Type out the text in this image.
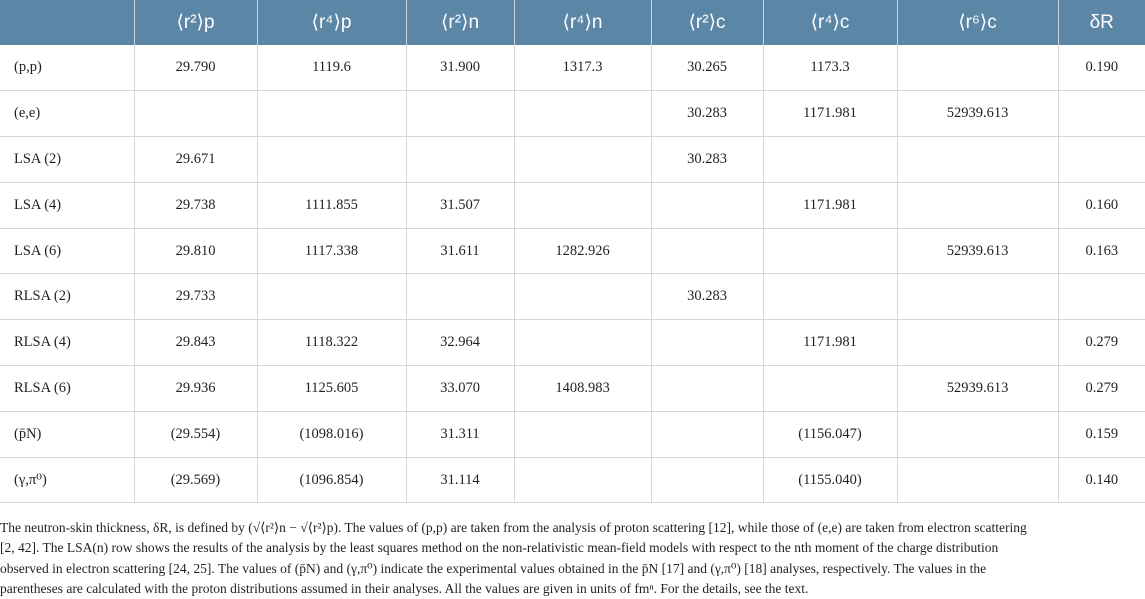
	⟨r²⟩p	⟨r⁴⟩p	⟨r²⟩n	⟨r⁴⟩n	⟨r²⟩c	⟨r⁴⟩c	⟨r⁶⟩c	δR
(p,p)	29.790	1119.6	31.900	1317.3	30.265	1173.3		0.190
(e,e)					30.283	1171.981	52939.613	
LSA (2)	29.671				30.283			
LSA (4)	29.738	1111.855	31.507			1171.981		0.160
LSA (6)	29.810	1117.338	31.611	1282.926			52939.613	0.163
RLSA (2)	29.733				30.283			
RLSA (4)	29.843	1118.322	32.964			1171.981		0.279
RLSA (6)	29.936	1125.605	33.070	1408.983			52939.613	0.279
(p̄N)	(29.554)	(1098.016)	31.311			(1156.047)		0.159
(γ,π⁰)	(29.569)	(1096.854)	31.114			(1155.040)		0.140
The neutron-skin thickness, δR, is defined by (√⟨r²⟩n − √⟨r²⟩p). The values of (p,p) are taken from the analysis of proton scattering [12], while those of (e,e) are taken from electron scattering
[2, 42]. The LSA(n) row shows the results of the analysis by the least squares method on the non-relativistic mean-field models with respect to the nth moment of the charge distribution
observed in electron scattering [24, 25]. The values of (p̄N) and (γ,π⁰) indicate the experimental values obtained in the p̄N [17] and (γ,π⁰) [18] analyses, respectively. The values in the
parentheses are calculated with the proton distributions assumed in their analyses. All the values are given in units of fmⁿ. For the details, see the text.
